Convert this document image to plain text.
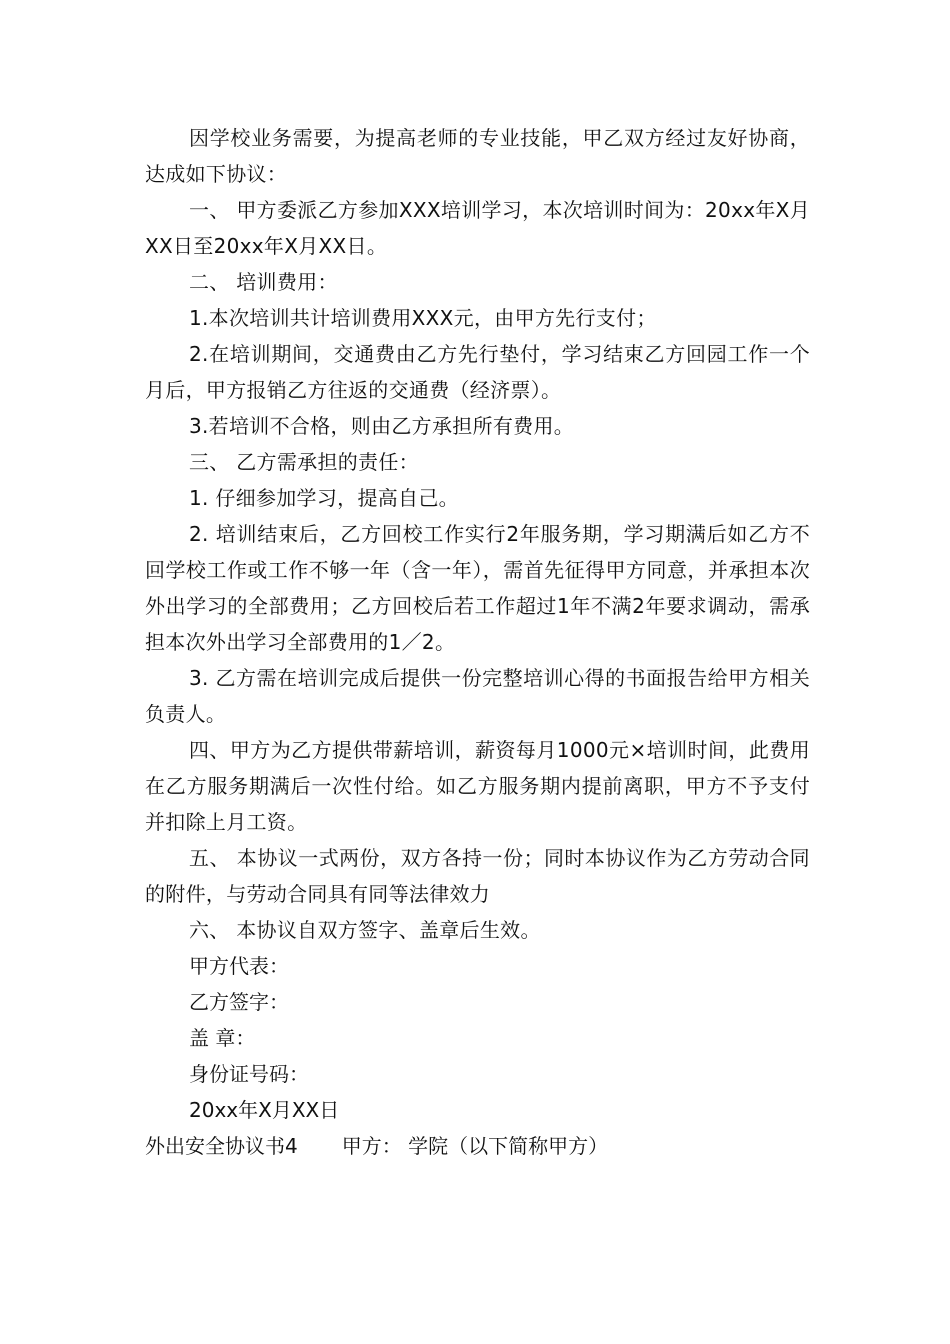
因学校业务需要，为提高老师的专业技能，甲乙双方经过友好协商，达成如下协议：

一、 甲方委派乙方参加XXX培训学习，本次培训时间为：20xx年X月XX日至20xx年X月XX日。

二、 培训费用：

1.本次培训共计培训费用XXX元，由甲方先行支付；

2.在培训期间，交通费由乙方先行垫付，学习结束乙方回园工作一个月后，甲方报销乙方往返的交通费（经济票）。

3.若培训不合格，则由乙方承担所有费用。

三、 乙方需承担的责任：

1. 仔细参加学习，提高自己。

2. 培训结束后，乙方回校工作实行2年服务期，学习期满后如乙方不回学校工作或工作不够一年（含一年），需首先征得甲方同意，并承担本次外出学习的全部费用；乙方回校后若工作超过1年不满2年要求调动，需承担本次外出学习全部费用的1／2。

3. 乙方需在培训完成后提供一份完整培训心得的书面报告给甲方相关负责人。

四、甲方为乙方提供带薪培训，薪资每月1000元×培训时间，此费用在乙方服务期满后一次性付给。如乙方服务期内提前离职，甲方不予支付并扣除上月工资。

五、 本协议一式两份，双方各持一份；同时本协议作为乙方劳动合同的附件，与劳动合同具有同等法律效力

六、 本协议自双方签字、盖章后生效。

甲方代表：

乙方签字：

盖 章：

身份证号码：

20xx年X月XX日

外出安全协议书4 甲方： 学院（以下简称甲方）
